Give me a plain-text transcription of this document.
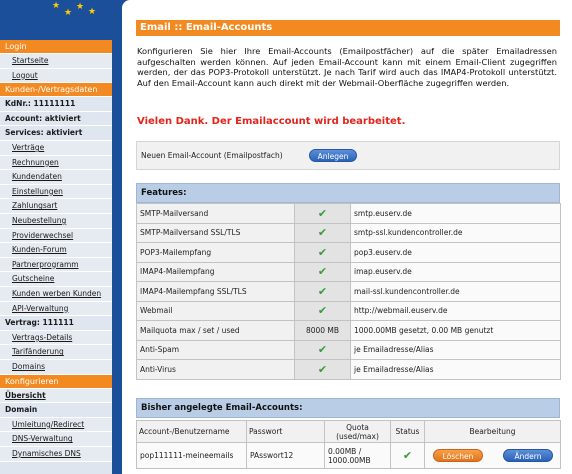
★
★
★ ★
Login
Startseite
Logout
Kunden-/Vertragsdaten
KdNr.: 11111111
Account: aktiviert
Services: aktiviert
Verträge
Rechnungen
Kundendaten
Einstellungen
Zahlungsart
Neubestellung
Providerwechsel
Kunden-Forum
Partnerprogramm
Gutscheine
Kunden werben Kunden
API-Verwaltung
Vertrag: 111111
Vertrags-Details
Tarifänderung
Domains
Konfigurieren
Übersicht
Domain
Umleitung/Redirect
DNS-Verwaltung
Dynamisches DNS
Email :: Email-Accounts
Konfigurieren Sie hier Ihre Email-Accounts (Emailpostfächer) auf die später Emailadressen aufgeschalten werden können. Auf jeden Email-Account kann mit einem Email-Client zugegriffen werden, der das POP3-Protokoll unterstützt. Je nach Tarif wird auch das IMAP4-Protokoll unterstützt. Auf den Email-Account kann auch direkt mit der Webmail-Oberfläche zugegriffen werden.
Vielen Dank. Der Emailaccount wird bearbeitet.
Neuen Email-Account (Emailpostfach)	Anlegen
Features:
SMTP-Mailversand	✔	smtp.euserv.de
SMTP-Mailversand SSL/TLS	✔	smtp-ssl.kundencontroller.de
POP3-Mailempfang	✔	pop3.euserv.de
IMAP4-Mailempfang	✔	imap.euserv.de
IMAP4-Mailempfang SSL/TLS	✔	mail-ssl.kundencontroller.de
Webmail	✔	http://webmail.euserv.de
Mailquota max / set / used	8000 MB	1000.00MB gesetzt, 0.00 MB genutzt
Anti-Spam	✔	je Emailadresse/Alias
Anti-Virus	✔	je Emailadresse/Alias
Bisher angelegte Email-Accounts:
Account-/Benutzername	Passwort	Quota (used/max)	Status	Bearbeitung
pop111111-meineemails	PAsswort12	0.00MB / 1000.00MB	✔	Löschen Ändern
